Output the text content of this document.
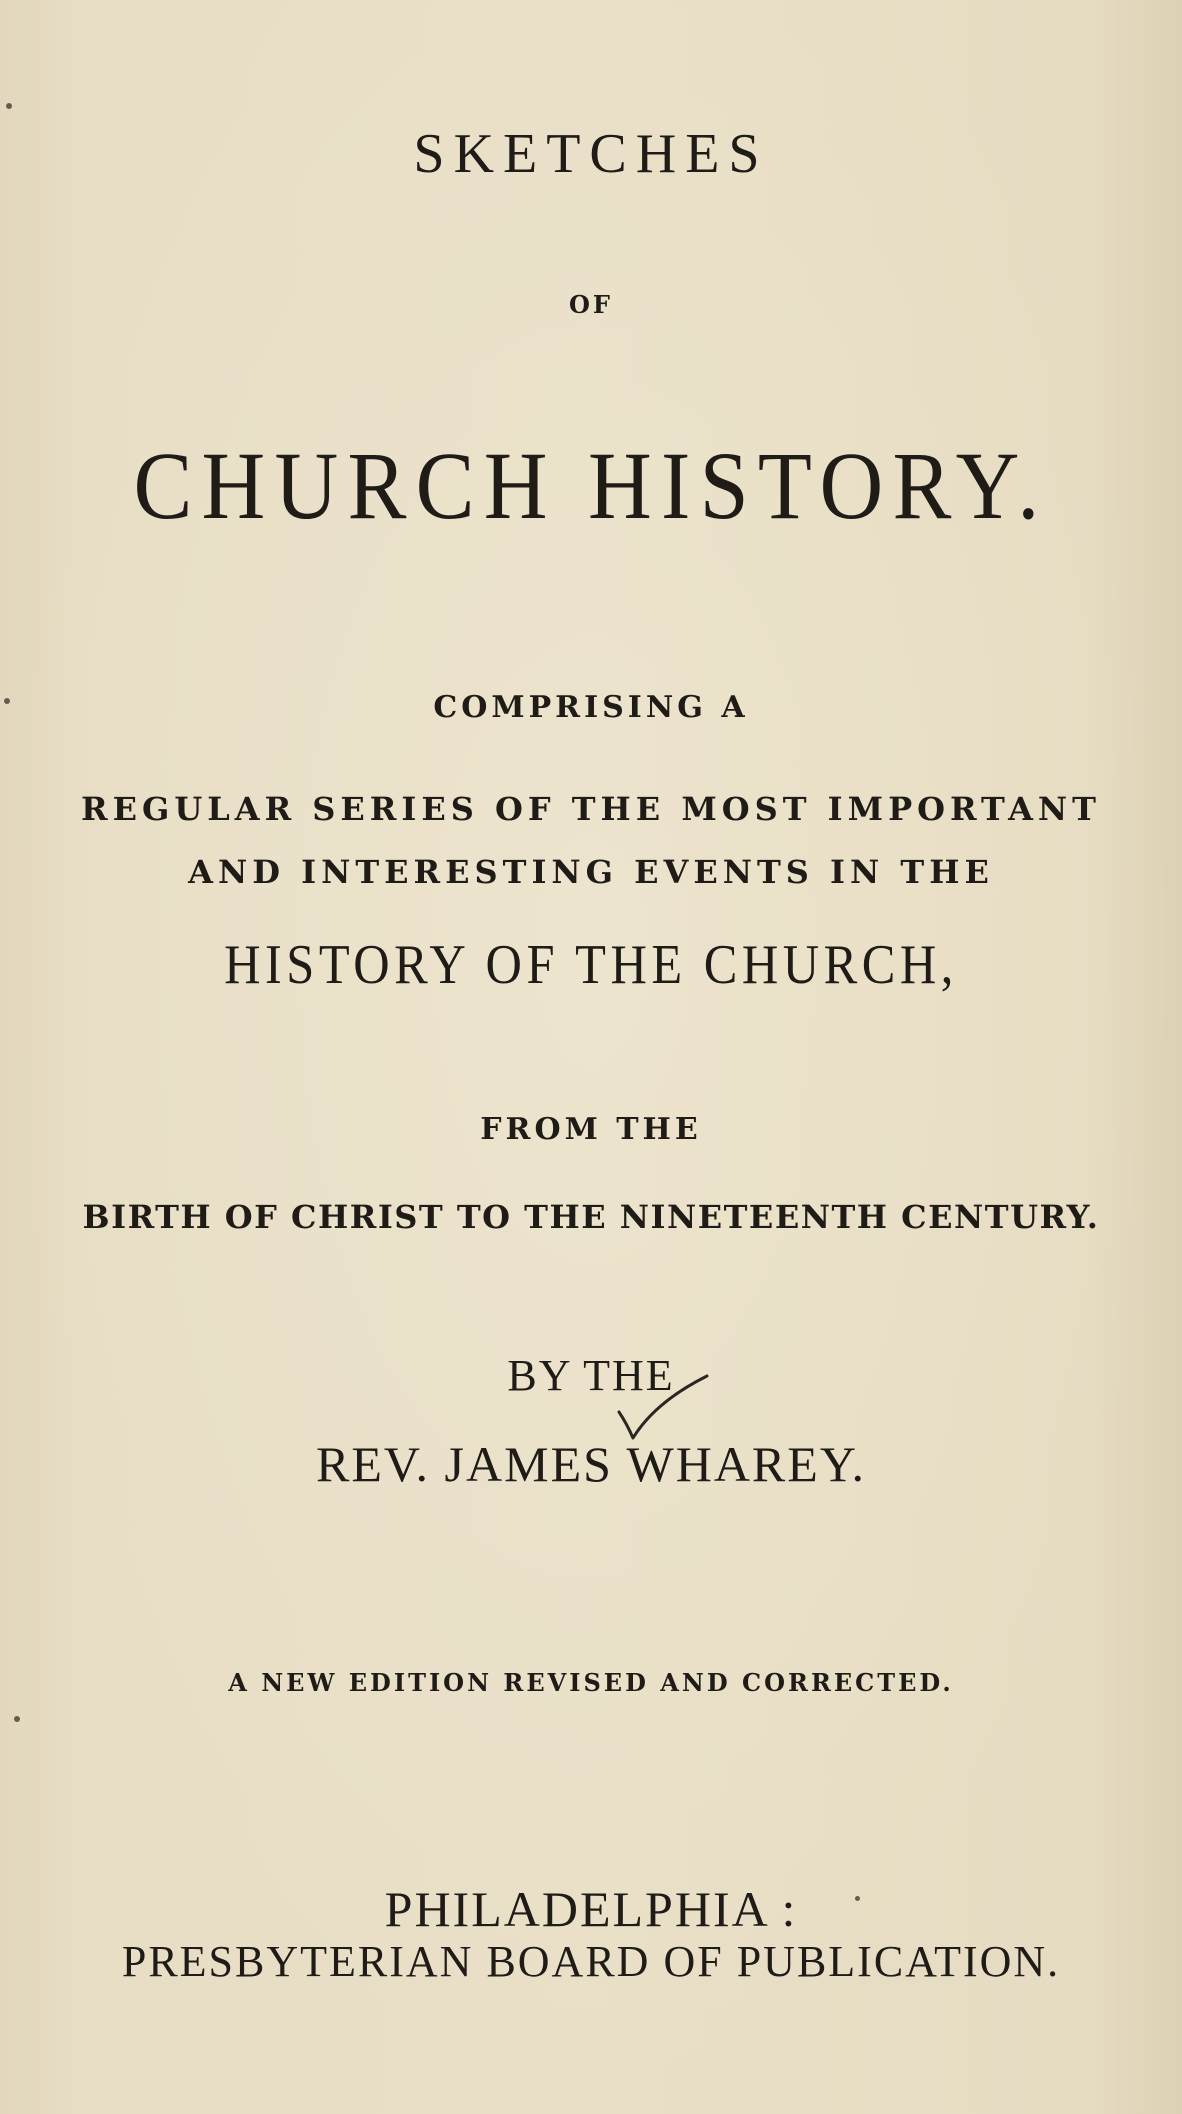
SKETCHES
OF
CHURCH HISTORY.
COMPRISING A
REGULAR SERIES OF THE MOST IMPORTANT
AND INTERESTING EVENTS IN THE
HISTORY OF THE CHURCH,
FROM THE
BIRTH OF CHRIST TO THE NINETEENTH CENTURY.
BY THE
REV. JAMES WHAREY.
A NEW EDITION REVISED AND CORRECTED.
PHILADELPHIA :
PRESBYTERIAN BOARD OF PUBLICATION.
